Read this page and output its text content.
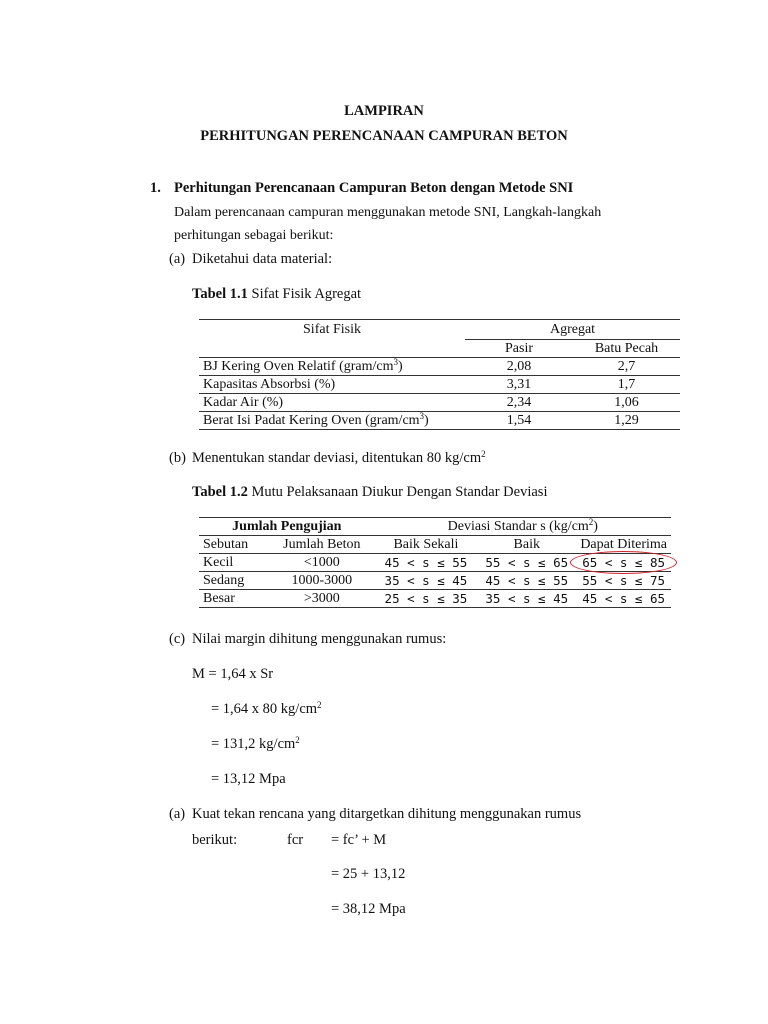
LAMPIRAN
PERHITUNGAN PERENCANAAN CAMPURAN BETON
1. Perhitungan Perencanaan Campuran Beton dengan Metode SNI
Dalam perencanaan campuran menggunakan metode SNI, Langkah-langkah
perhitungan sebagai berikut:
(a) Diketahui data material:
Tabel 1.1 Sifat Fisik Agregat
Sifat Fisik	Agregat	
	Pasir	Batu Pecah
BJ Kering Oven Relatif $(gram/cm^3)$	2,08	2,7
Kapasitas Absorbsi (%)	3,31	1,7
Kadar Air (%)	2,34	1,06
Berat Isi Padat Kering Oven $(gram/cm^3)$	1,54	1,29
(b) Menentukan standar deviasi, ditentukan 80 $kg/cm^2$
Tabel 1.2 Mutu Pelaksanaan Diukur Dengan Standar Deviasi
Jumlah Pengujian		Deviasi Standar s $(kg/cm^2)$		
Sebutan	Jumlah Beton	Baik Sekali	Baik	Dapat Diterima
Kecil	<1000	45 < s ≤ 55	55 < s ≤ 65	65 < s ≤ 85
Sedang	1000-3000	35 < s ≤ 45	45 < s ≤ 55	55 < s ≤ 75
Besar	>3000	25 < s ≤ 35	35 < s ≤ 45	45 < s ≤ 65
(c) Nilai margin dihitung menggunakan rumus:
M = 1,64 x Sr
= 1,64 x 80 $kg/cm^2$
= 131,2 $kg/cm^2$
= 13,12 Mpa
(a) Kuat tekan rencana yang ditargetkan dihitung menggunakan rumus
berikut:	fcr = fc’ + M
= 25 + 13,12
= 38,12 Mpa
